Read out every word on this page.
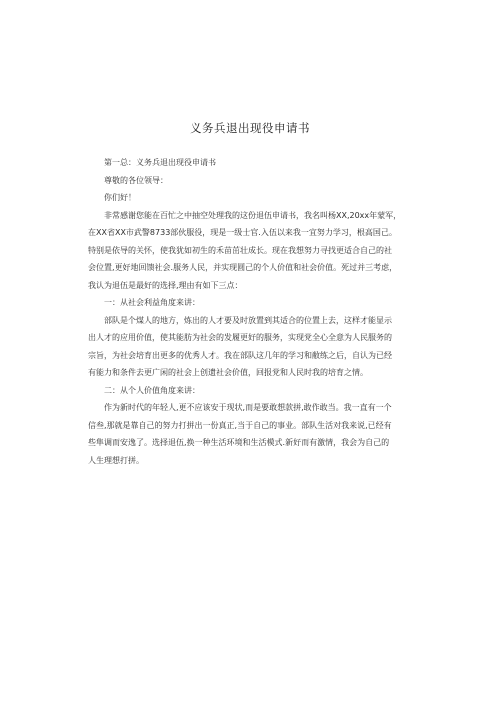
义务兵退出现役申请书
第一总：义务兵退出现役申请书
尊敬的各位领导：
你们好！
非常感谢您能在百忙之中抽空处理我的这份退伍申请书，我名叫杨XX,20xx年蒙军，
在XX省XX市武警8733部伙服役，现是一级士官.入伍以来我一宜努力学习，根高国己。
特别是依导的关怀，使我犹如初生的禾苗茁壮成长。现在我想努力寻找更适合自己的社
会位置,更好地回馈社会.服务人民，并实现圆己的个人价值和社会价值。死过并三考虑，
我认为退伍是最好的选择,理由有如下三点：
一：从社会利益角度来讲：
部队是个煤人的地方，炼出的人才要及时放置到其适合的位置上去，这样才能显示
出人才的应用价值，使其能肪为社会的发履更好的服务，实现党全心全意为人民服务的
宗旨，为社会培育出更多的优秀人才。我在部队这几年的学习和敝练之后，自认为已经
有能力和条件去更广闲的社会上创遗社会价值，回报党和人民时我的培育之情。
二：从个人价值角度来讲：
作为新时代的年轻人,更不应该安于现状,而是要敢想款拼,敢作敢当。我一直有一个
信叁,那就是靠自己的努力打拼出一份真正,当于自己的事业。部队生活对我来说,已经有
些隼调而安逸了。选择退伍,换一种生活环境和生活模式.新好而有激情，我会为自己的
人生理想打拼。
